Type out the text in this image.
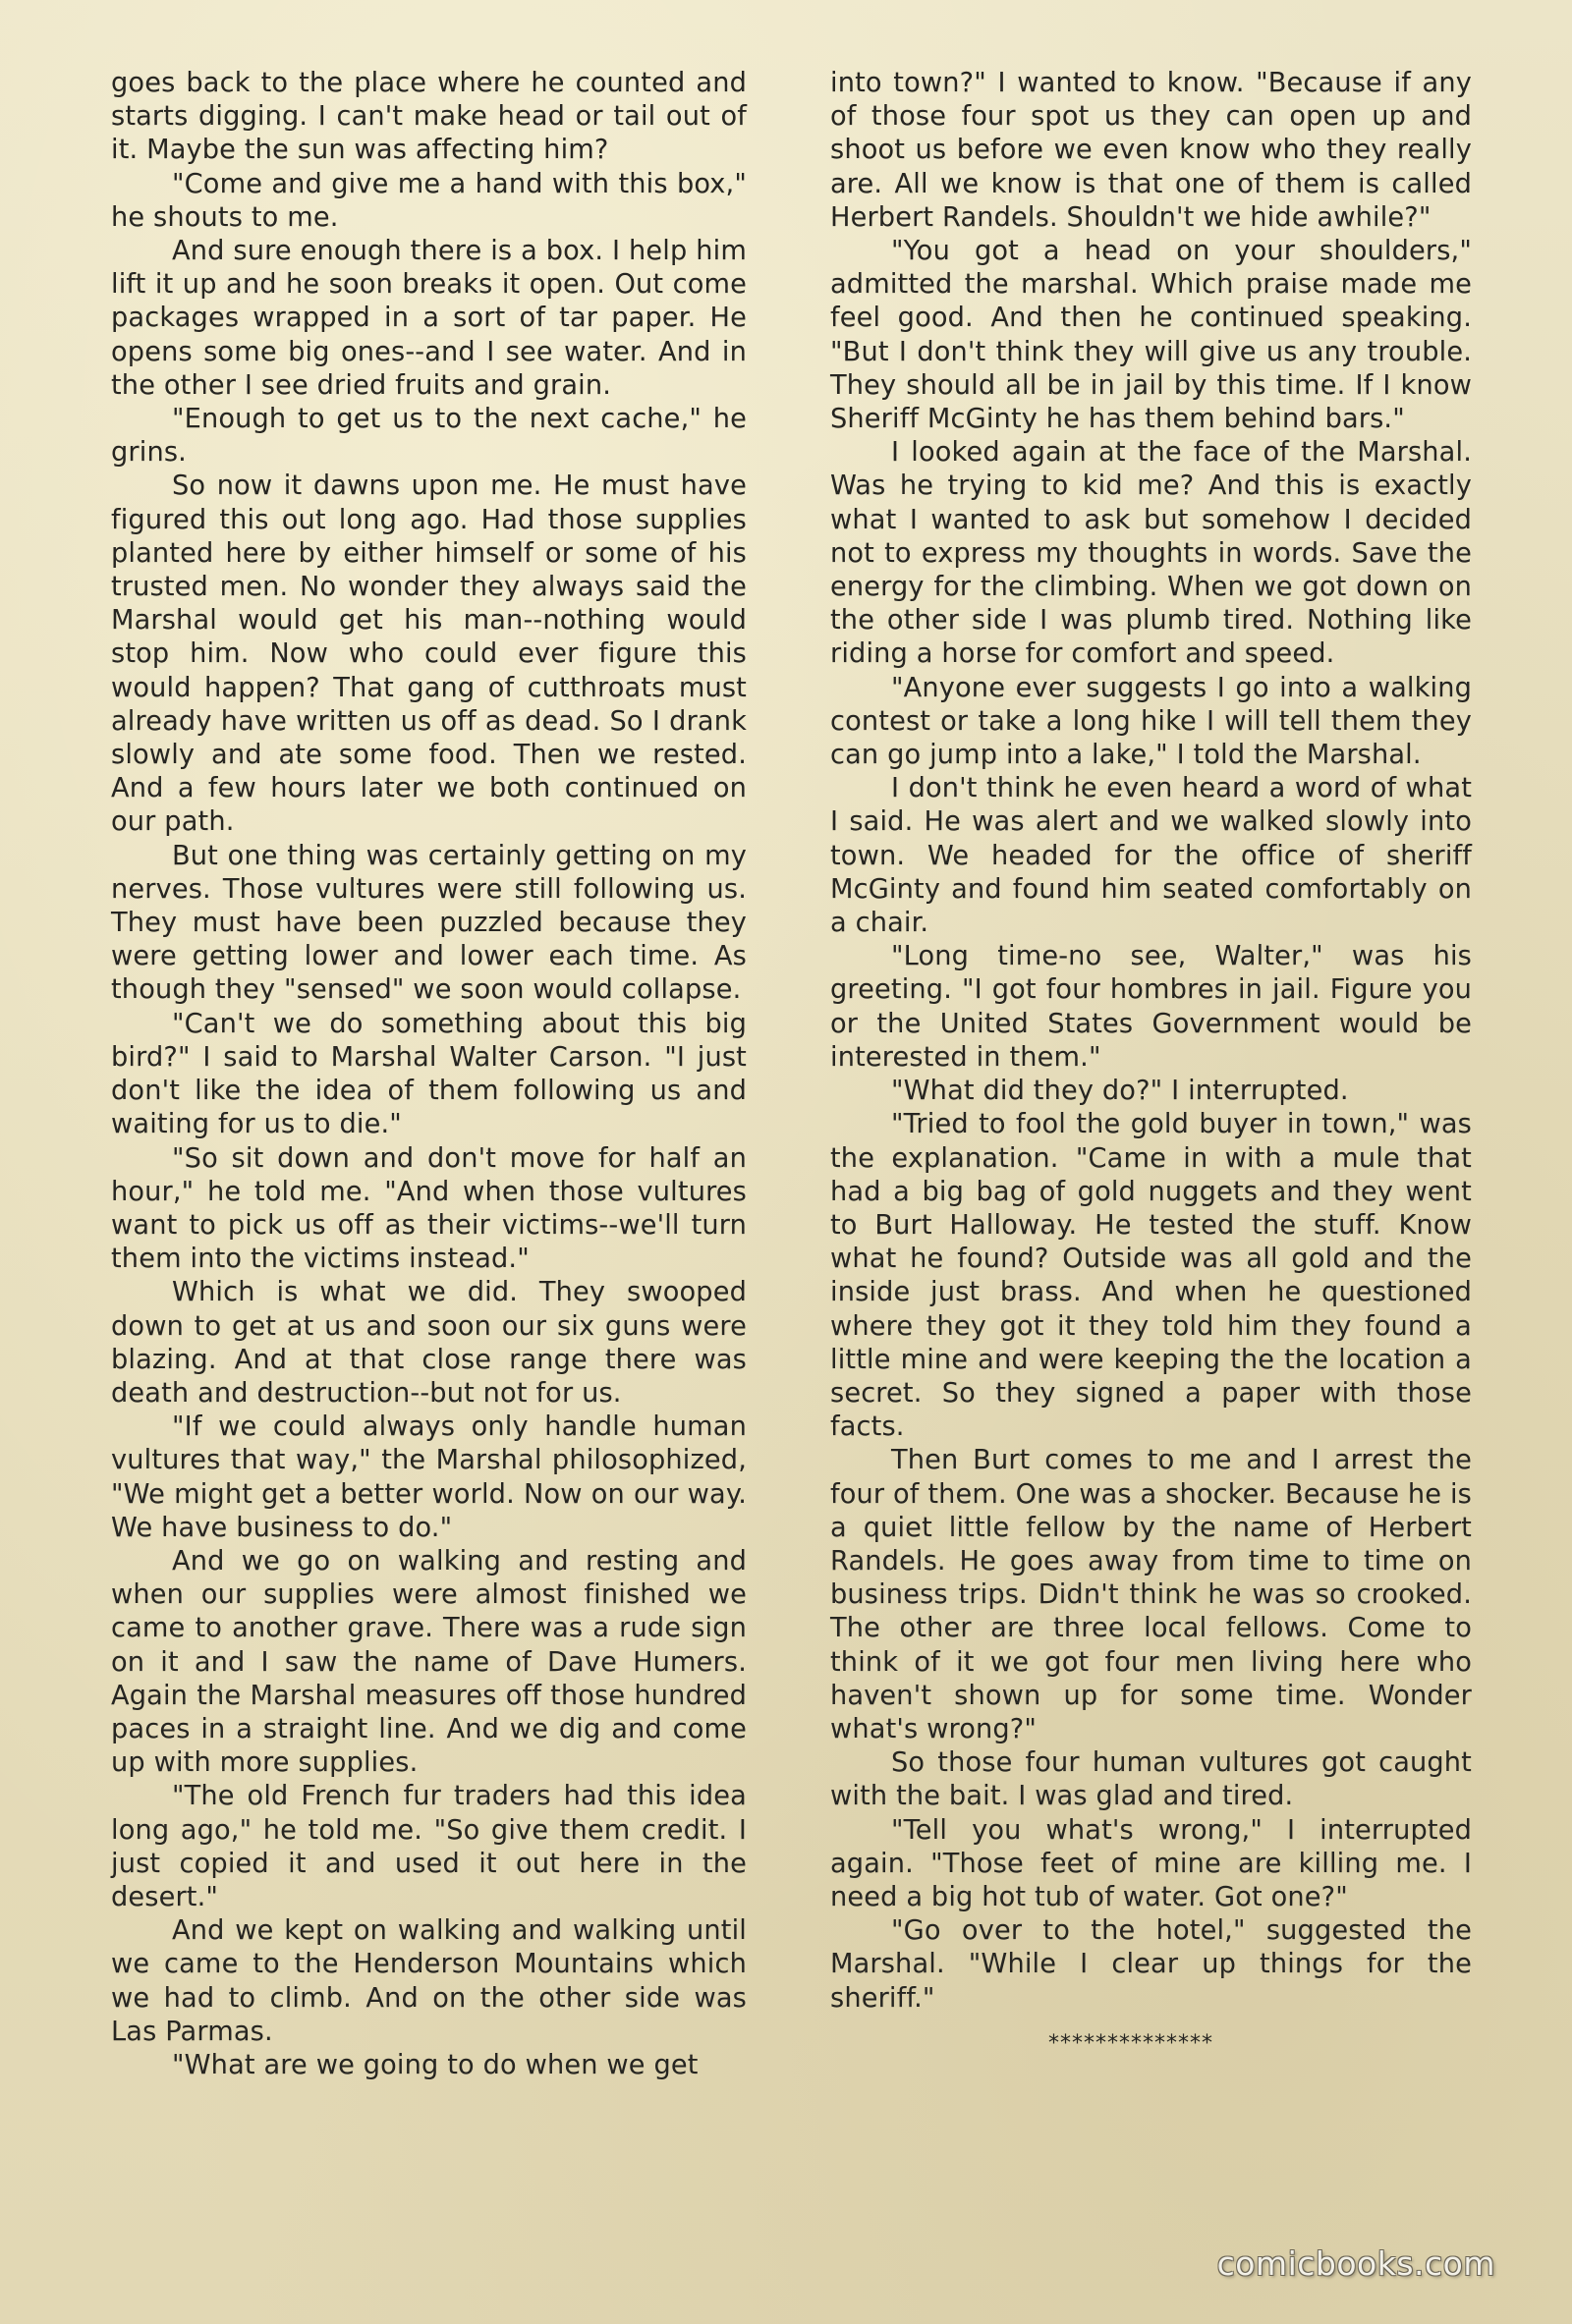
goes back to the place where he counted and starts digging. I can't make head or tail out of it. Maybe the sun was affecting him?

"Come and give me a hand with this box," he shouts to me.

And sure enough there is a box. I help him lift it up and he soon breaks it open. Out come packages wrapped in a sort of tar paper. He opens some big ones--and I see water. And in the other I see dried fruits and grain.

"Enough to get us to the next cache," he grins.

So now it dawns upon me. He must have figured this out long ago. Had those supplies planted here by either himself or some of his trusted men. No wonder they always said the Marshal would get his man--nothing would stop him. Now who could ever figure this would happen? That gang of cutthroats must already have written us off as dead. So I drank slowly and ate some food. Then we rested. And a few hours later we both continued on our path.

But one thing was certainly getting on my nerves. Those vultures were still following us. They must have been puzzled because they were getting lower and lower each time. As though they "sensed" we soon would collapse.

"Can't we do something about this big bird?" I said to Marshal Walter Carson. "I just don't like the idea of them following us and waiting for us to die."

"So sit down and don't move for half an hour," he told me. "And when those vultures want to pick us off as their victims--we'll turn them into the victims instead."

Which is what we did. They swooped down to get at us and soon our six guns were blazing. And at that close range there was death and destruction--but not for us.

"If we could always only handle human vultures that way," the Marshal philosophized, "We might get a better world. Now on our way. We have business to do."

And we go on walking and resting and when our supplies were almost finished we came to another grave. There was a rude sign on it and I saw the name of Dave Humers. Again the Marshal measures off those hundred paces in a straight line. And we dig and come up with more supplies.

"The old French fur traders had this idea long ago," he told me. "So give them credit. I just copied it and used it out here in the desert."

And we kept on walking and walking until we came to the Henderson Mountains which we had to climb. And on the other side was Las Parmas.

"What are we going to do when we get

into town?" I wanted to know. "Because if any of those four spot us they can open up and shoot us before we even know who they really are. All we know is that one of them is called Herbert Randels. Shouldn't we hide awhile?"

"You got a head on your shoulders," admitted the marshal. Which praise made me feel good. And then he continued speaking. "But I don't think they will give us any trouble. They should all be in jail by this time. If I know Sheriff McGinty he has them behind bars."

I looked again at the face of the Marshal. Was he trying to kid me? And this is exactly what I wanted to ask but somehow I decided not to express my thoughts in words. Save the energy for the climbing. When we got down on the other side I was plumb tired. Nothing like riding a horse for comfort and speed.

"Anyone ever suggests I go into a walking contest or take a long hike I will tell them they can go jump into a lake," I told the Marshal.

I don't think he even heard a word of what I said. He was alert and we walked slowly into town. We headed for the office of sheriff McGinty and found him seated comfortably on a chair.

"Long time-no see, Walter," was his greeting. "I got four hombres in jail. Figure you or the United States Government would be interested in them."

"What did they do?" I interrupted.

"Tried to fool the gold buyer in town," was the explanation. "Came in with a mule that had a big bag of gold nuggets and they went to Burt Halloway. He tested the stuff. Know what he found? Outside was all gold and the inside just brass. And when he questioned where they got it they told him they found a little mine and were keeping the the location a secret. So they signed a paper with those facts.

Then Burt comes to me and I arrest the four of them. One was a shocker. Because he is a quiet little fellow by the name of Herbert Randels. He goes away from time to time on business trips. Didn't think he was so crooked. The other are three local fellows. Come to think of it we got four men living here who haven't shown up for some time. Wonder what's wrong?"

So those four human vultures got caught with the bait. I was glad and tired.

"Tell you what's wrong," I interrupted again. "Those feet of mine are killing me. I need a big hot tub of water. Got one?"

"Go over to the hotel," suggested the Marshal. "While I clear up things for the sheriff."

**************

comicbooks.com
